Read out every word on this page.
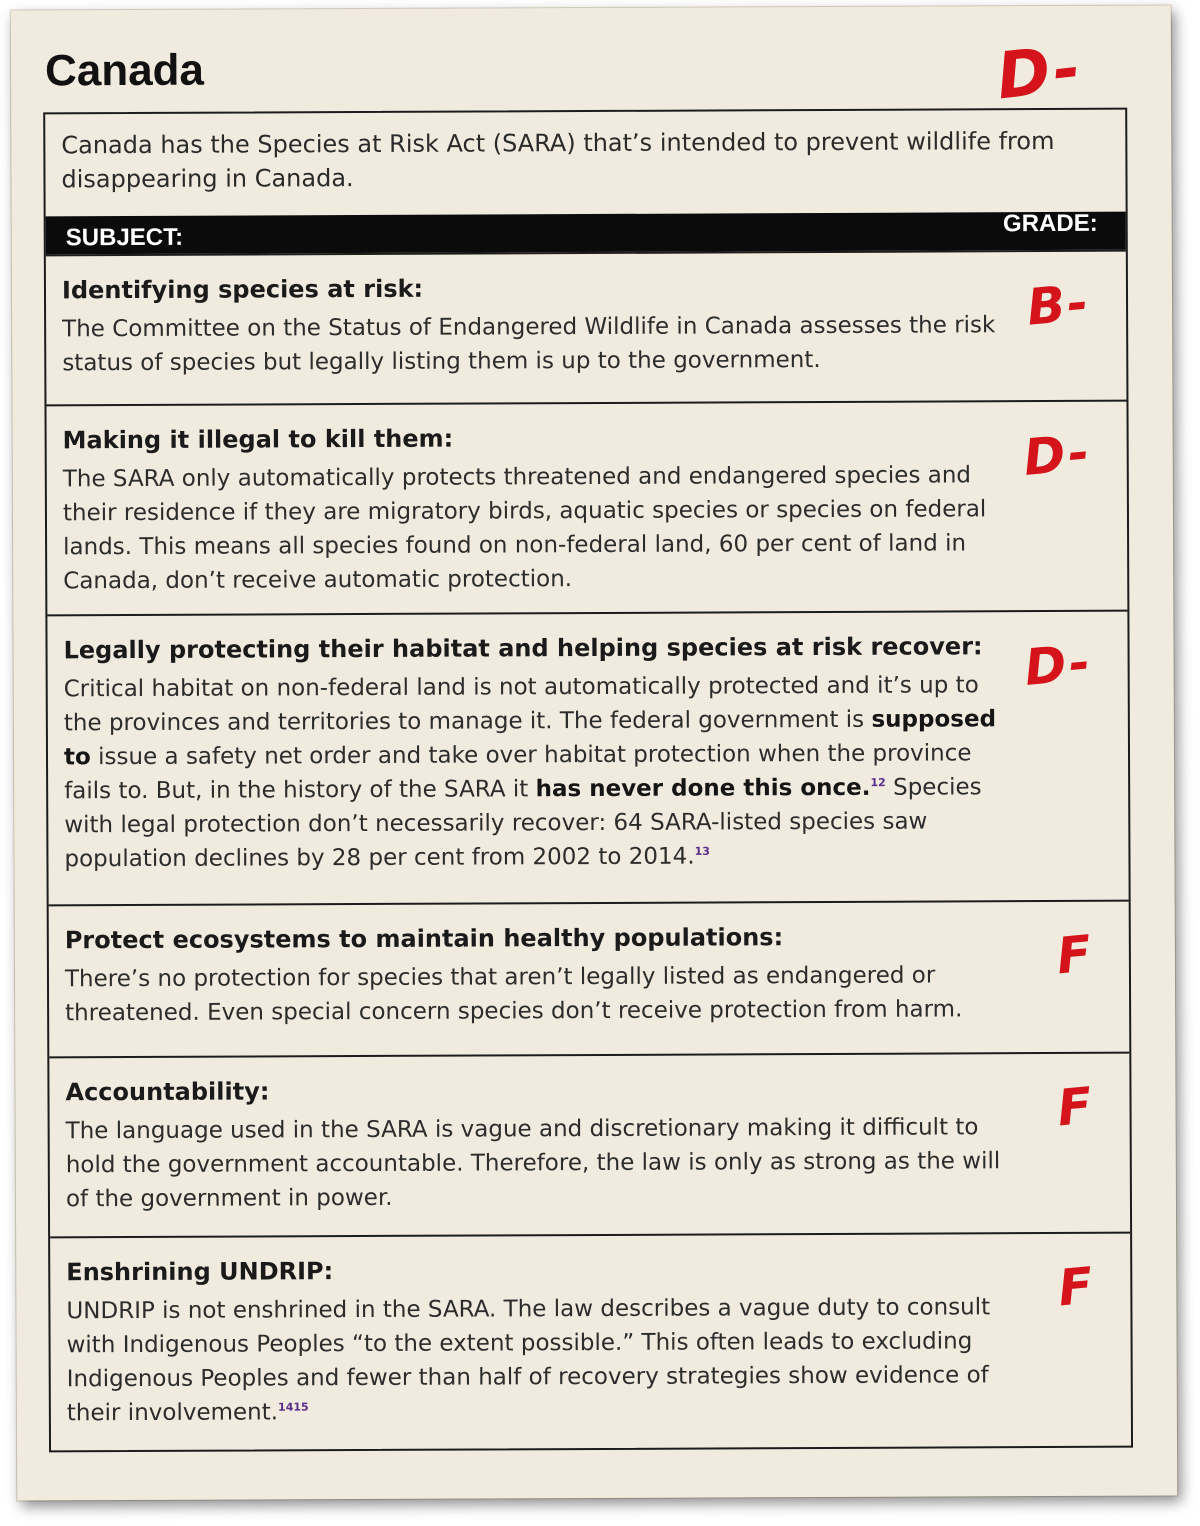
Canada	D-
Canada has the Species at Risk Act (SARA) that’s intended to prevent wildlife from disappearing in Canada.
SUBJECT:
GRADE:
Identifying species at risk:

The Committee on the Status of Endangered Wildlife in Canada assesses the risk status of species but legally listing them is up to the government.

B-
Making it illegal to kill them:

The SARA only automatically protects threatened and endangered species and their residence if they are migratory birds, aquatic species or species on federal lands. This means all species found on non-federal land, 60 per cent of land in Canada, don’t receive automatic protection.

D-
Legally protecting their habitat and helping species at risk recover:

Critical habitat on non-federal land is not automatically protected and it’s up to the provinces and territories to manage it. The federal government is supposed to issue a safety net order and take over habitat protection when the province fails to. But, in the history of the SARA it has never done this once.$^{12}$ Species with legal protection don’t necessarily recover: 64 SARA-listed species saw population declines by 28 per cent from 2002 to 2014.13

D-
Protect ecosystems to maintain healthy populations:

There’s no protection for species that aren’t legally listed as endangered or threatened. Even special concern species don’t receive protection from harm.

F
Accountability:

The language used in the SARA is vague and discretionary making it difficult to hold the government accountable. Therefore, the law is only as strong as the will of the government in power.

F
Enshrining UNDRIP:

UNDRIP is not enshrined in the SARA. The law describes a vague duty to consult with Indigenous Peoples “to the extent possible.” This often leads to excluding Indigenous Peoples and fewer than half of recovery strategies show evidence of their involvement.$^{1415}$

F
